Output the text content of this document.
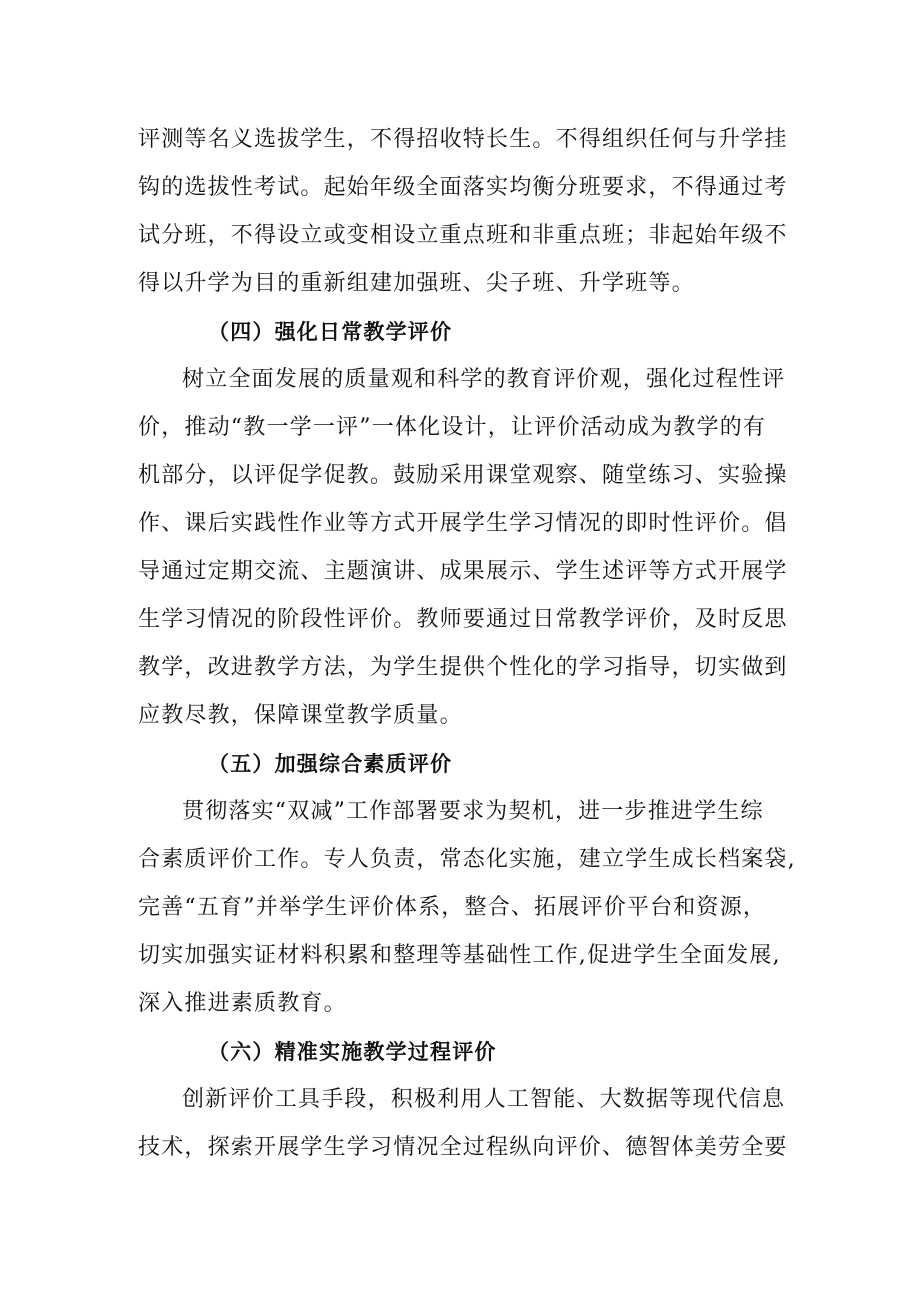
评测等名义选拔学生，不得招收特长生。不得组织任何与升学挂
钩的选拔性考试。起始年级全面落实均衡分班要求，不得通过考
试分班，不得设立或变相设立重点班和非重点班；非起始年级不
得以升学为目的重新组建加强班、尖子班、升学班等。
（四）强化日常教学评价
树立全面发展的质量观和科学的教育评价观，强化过程性评
价，推动“教一学一评”一体化设计，让评价活动成为教学的有
机部分，以评促学促教。鼓励采用课堂观察、随堂练习、实验操
作、课后实践性作业等方式开展学生学习情况的即时性评价。倡
导通过定期交流、主题演讲、成果展示、学生述评等方式开展学
生学习情况的阶段性评价。教师要通过日常教学评价，及时反思
教学，改进教学方法，为学生提供个性化的学习指导，切实做到
应教尽教，保障课堂教学质量。
（五）加强综合素质评价
贯彻落实“双减”工作部署要求为契机，进一步推进学生综
合素质评价工作。专人负责，常态化实施，建立学生成长档案袋,
完善“五育”并举学生评价体系，整合、拓展评价平台和资源，
切实加强实证材料积累和整理等基础性工作,促进学生全面发展,
深入推进素质教育。
（六）精准实施教学过程评价
创新评价工具手段，积极利用人工智能、大数据等现代信息
技术，探索开展学生学习情况全过程纵向评价、德智体美劳全要
